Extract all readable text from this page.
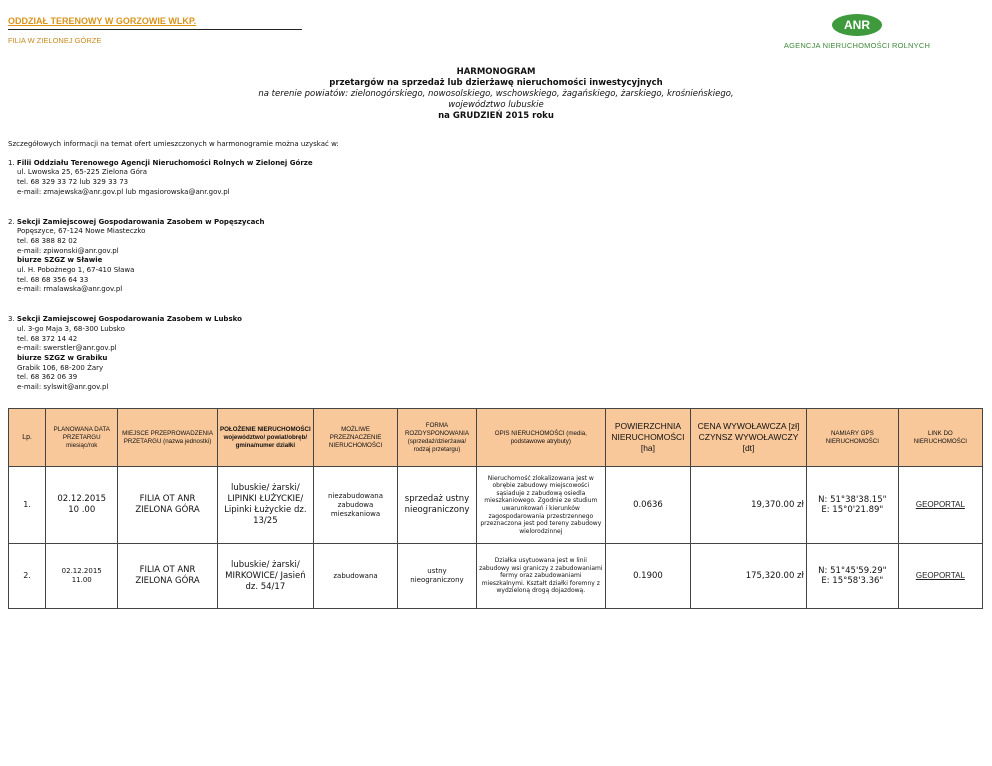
ODDZIAŁ TERENOWY W GORZOWIE WLKP.
FILIA W ZIELONEJ GÓRZE
ANR
AGENCJA NIERUCHOMOŚCI ROLNYCH
HARMONOGRAM
przetargów na sprzedaż lub dzierżawę nieruchomości inwestycyjnych
na terenie powiatów: zielonogórskiego, nowosolskiego, wschowskiego, żagańskiego, żarskiego, krośnieńskiego,
województwo lubuskie
na GRUDZIEŃ 2015 roku

Szczegółowych informacji na temat ofert umieszczonych w harmonogramie można uzyskać w:

1. Filii Oddziału Terenowego Agencji Nieruchomości Rolnych w Zielonej Górze

ul. Lwowska 25, 65-225 Zielona Góra

tel. 68 329 33 72 lub 329 33 73

e-mail: zmajewska@anr.gov.pl lub mgasiorowska@anr.gov.pl

2. Sekcji Zamiejscowej Gospodarowania Zasobem w Popęszycach

Popęszyce, 67-124 Nowe Miasteczko

tel. 68 388 82 02

e-mail: zpiwonski@anr.gov.pl

biurze SZGZ w Sławie

ul. H. Pobożnego 1, 67-410 Sława

tel. 68 68 356 64 33

e-mail: rmalawska@anr.gov.pl

3. Sekcji Zamiejscowej Gospodarowania Zasobem w Lubsko

ul. 3-go Maja 3, 68-300 Lubsko

tel. 68 372 14 42

e-mail: swerstler@anr.gov.pl

biurze SZGZ w Grabiku

Grabik 106, 68-200 Żary

tel. 68 362 06 39

e-mail: sylswit@anr.gov.pl

Lp.	PLANOWANA DATA PRZETARGU miesiąc/rok	MIEJSCE PRZEPROWADZENIA PRZETARGU (nazwa jednostki)	POŁOŻENIE NIERUCHOMOŚCI
województwo/ powiat/obręb/ gmina/numer działki	MOŻLIWE PRZEZNACZENIE NIERUCHOMOŚCI	FORMA ROZDYSPONOWANIA
(sprzedaż/dzierżawa/ rodzaj przetargu)	OPIS NIERUCHOMOŚCI (media, podstawowe atrybuty)	POWIERZCHNIA NIERUCHOMOŚCI [ha]	CENA WYWOŁAWCZA [zł] CZYNSZ WYWOŁAWCZY [dt]	NAMIARY GPS NIERUCHOMOŚCI	LINK DO NIERUCHOMOŚCI
1.	02.12.2015
10 .00	FILIA OT ANR ZIELONA GÓRA	lubuskie/ żarski/ LIPINKI ŁUŻYCKIE/ Lipinki Łużyckie dz. 13/25	niezabudowana zabudowa mieszkaniowa	sprzedaż ustny nieograniczony	Nieruchomość zlokalizowana jest w obrębie zabudowy miejscowości sąsiaduje z zabudową osiedla mieszkaniowego. Zgodnie ze studium uwarunkowań i kierunków zagospodarowania przestrzennego przeznaczona jest pod tereny zabudowy wielorodzinnej	0.0636	19,370.00 zł	N: 51°38'38.15"
E: 15°0'21.89"	GEOPORTAL
2.	02.12.2015
11.00	FILIA OT ANR ZIELONA GÓRA	lubuskie/ żarski/ MIRKOWICE/ Jasień dz. 54/17	zabudowana	ustny nieograniczony	Działka usytuowana jest w linii zabudowy wsi graniczy z zabudowaniami fermy oraz zabudowaniami mieszkalnymi. Kształt działki foremny z wydzieloną drogą dojazdową.	0.1900	175,320.00 zł	N: 51°45'59.29"
E: 15°58'3.36"	GEOPORTAL
